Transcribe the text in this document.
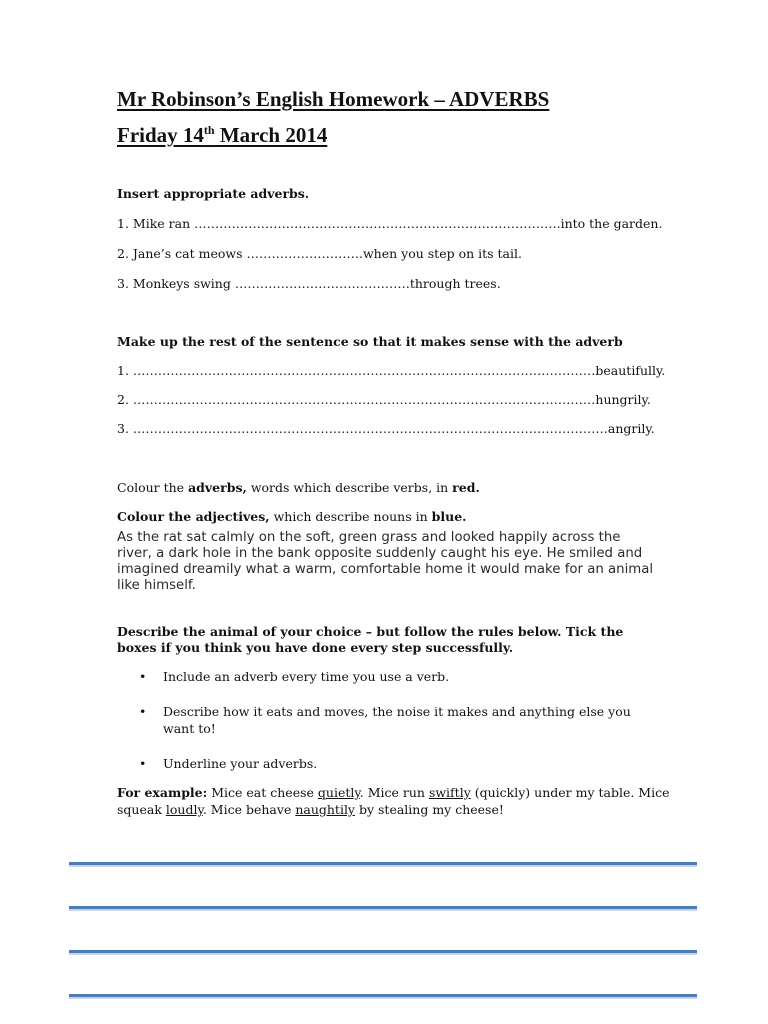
Mr Robinson’s English Homework – ADVERBS
Friday 14th March 2014

Insert appropriate adverbs.

1. Mike ran …………………………………………………………………………….into the garden.

2. Jane’s cat meows ……………………….when you step on its tail.

3. Monkeys swing ……………………………………through trees.

Make up the rest of the sentence so that it makes sense with the adverb

1. …………………………………………………………………………………………………beautifully.

2. …………………………………………………………………………………………………hungrily.

3. ……………………………………………………………………………………………………angrily.

Colour the adverbs, words which describe verbs, in red.

Colour the adjectives, which describe nouns in blue.

As the rat sat calmly on the soft, green grass and looked happily across the river, a dark hole in the bank opposite suddenly caught his eye. He smiled and imagined dreamily what a warm, comfortable home it would make for an animal like himself.

Describe the animal of your choice – but follow the rules below. Tick the boxes if you think you have done every step successfully.

• Include an adverb every time you use a verb.
• Describe how it eats and moves, the noise it makes and anything else you want to!
• Underline your adverbs.

For example: Mice eat cheese quietly. Mice run swiftly (quickly) under my table. Mice squeak loudly. Mice behave naughtily by stealing my cheese!
